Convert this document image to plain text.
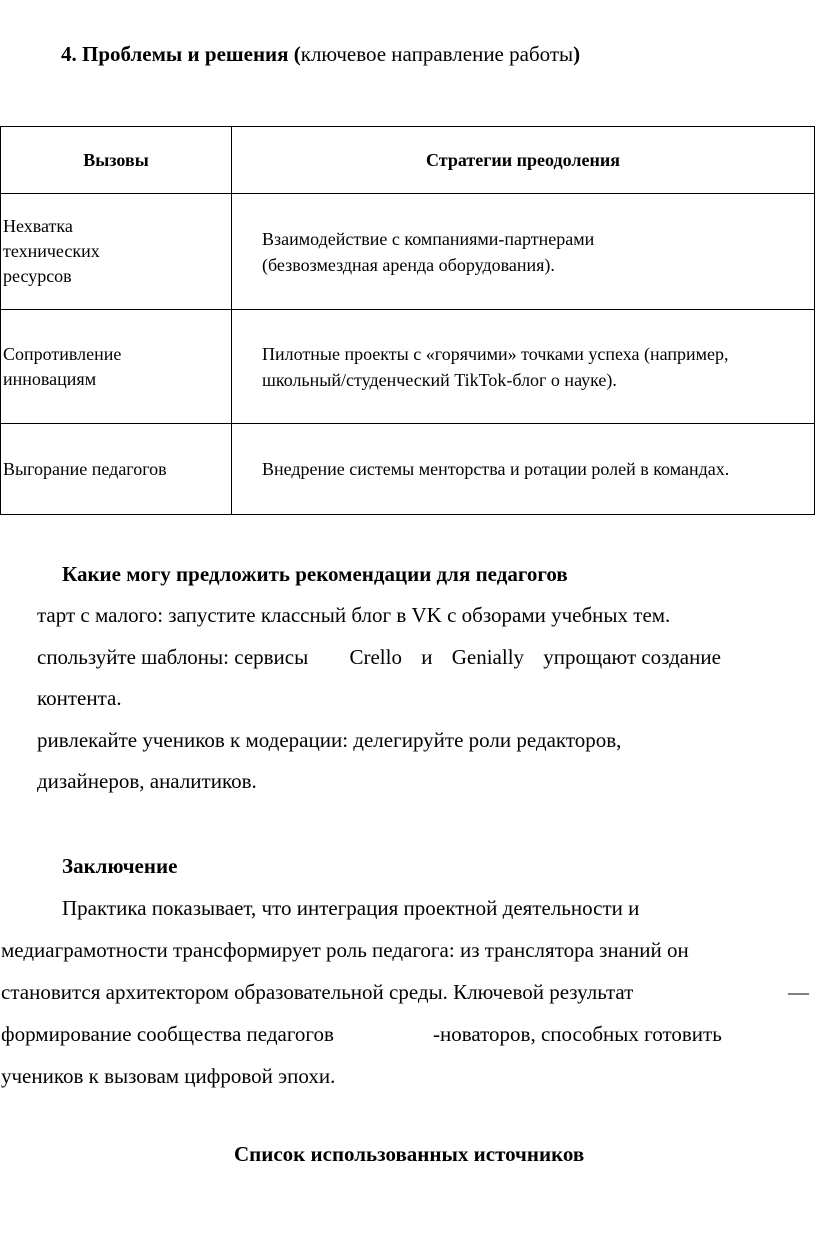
4. Проблемы и решения (ключевое направление работы)
Вызовы	Стратегии преодоления

Нехватка технических ресурсов	Взаимодействие с компаниями-партнерами (безвозмездная аренда оборудования).

Сопротивление инновациям	Пилотные проекты с «горячими» точками успеха (например, школьный/студенческий TikTok-блог о науке).

Выгорание педагогов	Внедрение системы менторства и ротации ролей в командах.
Какие могу предложить рекомендации для педагогов
тарт с малого: запустите классный блог в VK с обзорами учебных тем.
спользуйте шаблоны: сервисы Crello и Genially упрощают создание
контента.
ривлекайте учеников к модерации: делегируйте роли редакторов,
дизайнеров, аналитиков.
Заключение
Практика показывает, что интеграция проектной деятельности и
медиаграмотности трансформирует роль педагога: из транслятора знаний он
становится архитектором образовательной среды. Ключевой результат	—
формирование сообщества педагогов	-новаторов, способных готовить
учеников к вызовам цифровой эпохи.
Список использованных источников
